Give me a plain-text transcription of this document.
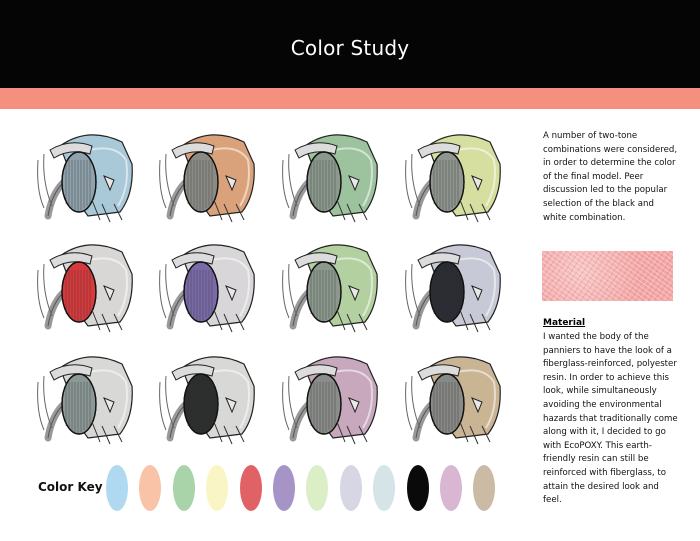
Color Study
A number of two-tone combinations were considered, in order to determine the color of the final model. Peer discussion led to the popular selection of the black and white combination.
Material
I wanted the body of the panniers to have the look of a fiberglass-reinforced, polyester resin. In order to achieve this look, while simultaneously avoiding the environmental hazards that traditionally come along with it, I decided to go with EcoPOXY. This earth-friendly resin can still be reinforced with fiberglass, to attain the desired look and feel.
Color Key
